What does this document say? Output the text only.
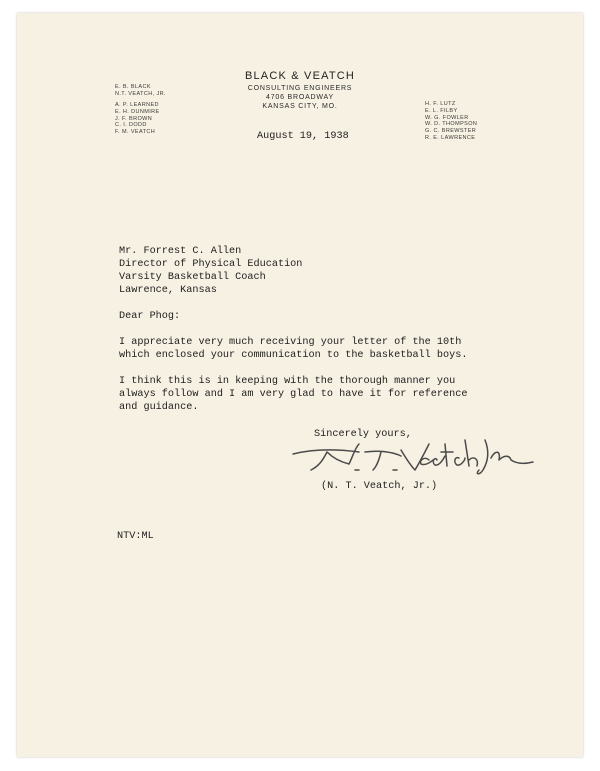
E. B. BLACK
N.T. VEATCH, JR.
A. P. LEARNED
E. H. DUNMIRE
J. F. BROWN
C. I. DODD
F. M. VEATCH
BLACK & VEATCH
CONSULTING ENGINEERS
4706 BROADWAY
KANSAS CITY, MO.	H. F. LUTZ
E. L. FILBY
W. G. FOWLER
W. D. THOMPSON
G. C. BREWSTER
R. E. LAWRENCE
August 19, 1938
Mr. Forrest C. Allen
Director of Physical Education
Varsity Basketball Coach
Lawrence, Kansas
Dear Phog:
I appreciate very much receiving your letter of the 10th
which enclosed your communication to the basketball boys.
I think this is in keeping with the thorough manner you
always follow and I am very glad to have it for reference
and guidance.
Sincerely yours,
(N. T. Veatch, Jr.)
NTV:ML
